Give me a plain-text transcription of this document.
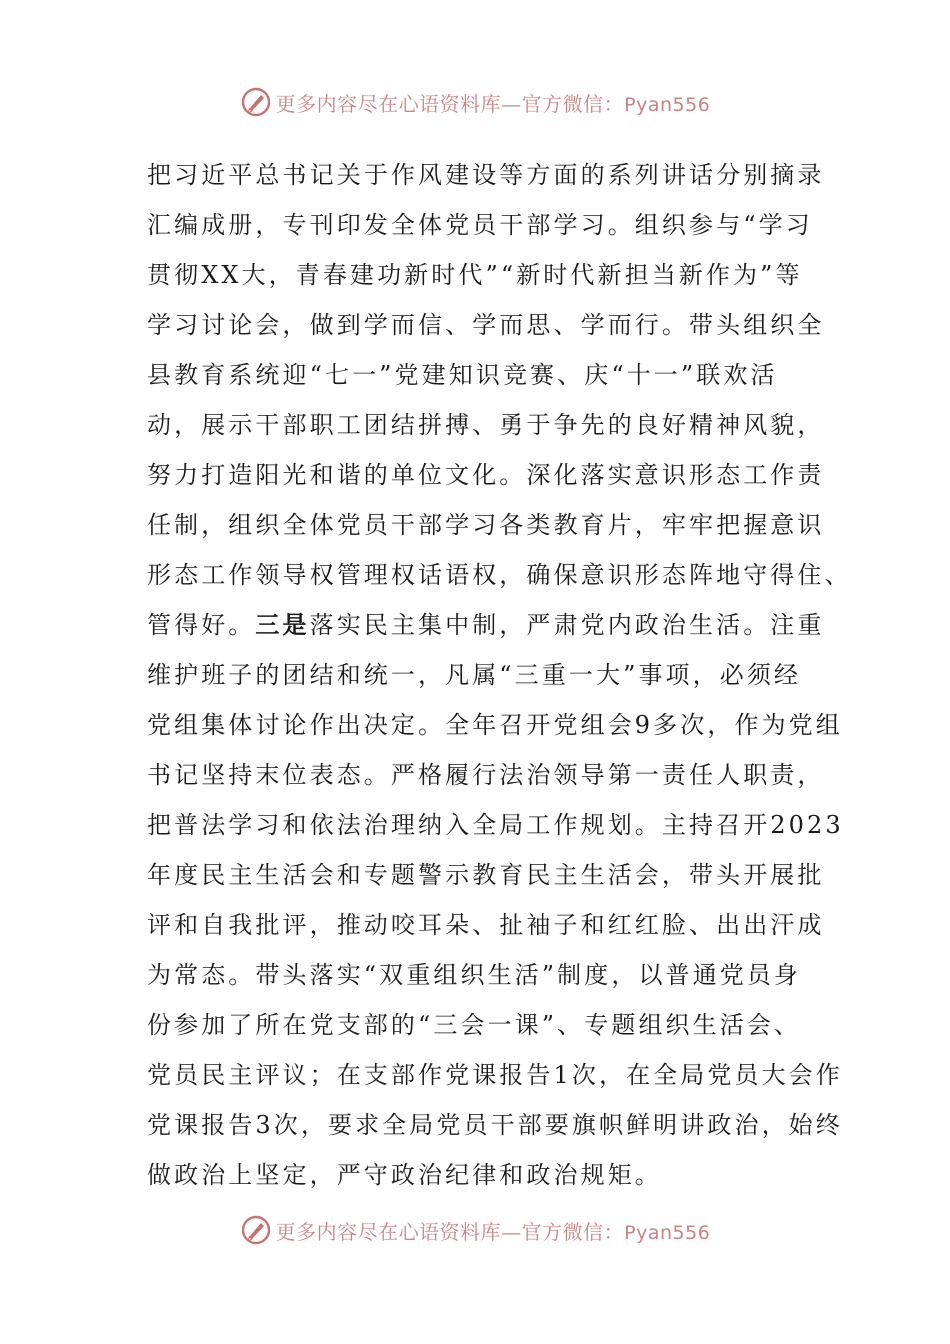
更多内容尽在心语资料库—官方微信：Pyan556
把习近平总书记关于作风建设等方面的系列讲话分别摘录
汇编成册，专刊印发全体党员干部学习。组织参与“学习
贯彻XX大，青春建功新时代”“新时代新担当新作为”等
学习讨论会，做到学而信、学而思、学而行。带头组织全
县教育系统迎“七一”党建知识竞赛、庆“十一”联欢活
动，展示干部职工团结拼搏、勇于争先的良好精神风貌，
努力打造阳光和谐的单位文化。深化落实意识形态工作责
任制，组织全体党员干部学习各类教育片，牢牢把握意识
形态工作领导权管理权话语权，确保意识形态阵地守得住、
管得好。三是落实民主集中制，严肃党内政治生活。注重
维护班子的团结和统一，凡属“三重一大”事项，必须经
党组集体讨论作出决定。全年召开党组会9多次，作为党组
书记坚持末位表态。严格履行法治领导第一责任人职责，
把普法学习和依法治理纳入全局工作规划。主持召开2023
年度民主生活会和专题警示教育民主生活会，带头开展批
评和自我批评，推动咬耳朵、扯袖子和红红脸、出出汗成
为常态。带头落实“双重组织生活”制度，以普通党员身
份参加了所在党支部的“三会一课”、专题组织生活会、
党员民主评议；在支部作党课报告1次，在全局党员大会作
党课报告3次，要求全局党员干部要旗帜鲜明讲政治，始终
做政治上坚定，严守政治纪律和政治规矩。
更多内容尽在心语资料库—官方微信：Pyan556
